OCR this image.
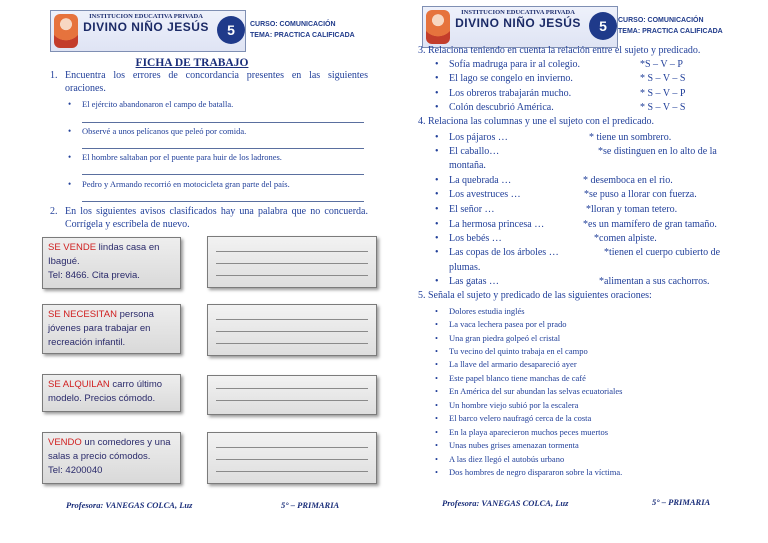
INSTITUCION EDUCATIVA PRIVADA
DIVINO NIÑO JESÚS
	5	CURSO: COMUNICACIÓN
TEMA: PRACTICA CALIFICADA
FICHA DE TRABAJO
1. Encuentra los errores de concordancia presentes en las siguientes oraciones.
• El ejército abandonaron el campo de batalla.
• Observé a unos pelícanos que peleó por comida.
• El hombre saltaban por el puente para huir de los ladrones.
• Pedro y Armando recorrió en motocicleta gran parte del país.
2. En los siguientes avisos clasificados hay una palabra que no concuerda. Corrígela y escríbela de nuevo.
SE VENDE lindas casa en Ibagué.
Tel: 8466. Cita previa.
SE NECESITAN persona jóvenes para trabajar en recreación infantil.
SE ALQUILAN carro último modelo. Precios cómodo.
VENDO un comedores y una salas a precio cómodos.
Tel: 4200040
Profesora: VANEGAS COLCA, Luz	5° – PRIMARIA
INSTITUCION EDUCATIVA PRIVADA
DIVINO NIÑO JESÚS
	5	CURSO: COMUNICACIÓN
TEMA: PRACTICA CALIFICADA
3. Relaciona teniendo en cuenta la relación entre el sujeto y predicado.
• Sofía madruga para ir al colegio.	*S – V – P
• El lago se congelo en invierno.	* S – V – S
• Los obreros trabajarán mucho.	* S – V – P
• Colón descubrió América.	* S – V – S
4. Relaciona las columnas y une el sujeto con el predicado.
• Los pájaros …	* tiene un sombrero.
• El caballo…	*se distinguen en lo alto de la
montaña.
• La quebrada …	* desemboca en el rio.
• Los avestruces …	*se puso a llorar con fuerza.
• El señor …	*lloran y toman tetero.
• La hermosa princesa …	*es un mamífero de gran tamaño.
• Los bebés …	*comen alpiste.
• Las copas de los árboles …	*tienen el cuerpo cubierto de
plumas.
• Las gatas …	*alimentan a sus cachorros.
5. Señala el sujeto y predicado de las siguientes oraciones:
• Dolores estudia inglés
• La vaca lechera pasea por el prado
• Una gran piedra golpeó el cristal
• Tu vecino del quinto trabaja en el campo
• La llave del armario desapareció ayer
• Este papel blanco tiene manchas de café
• En América del sur abundan las selvas ecuatoriales
• Un hombre viejo subió por la escalera
• El barco velero naufragó cerca de la costa
• En la playa aparecieron muchos peces muertos
• Unas nubes grises amenazan tormenta
• A las diez llegó el autobús urbano
• Dos hombres de negro dispararon sobre la víctima.
Profesora: VANEGAS COLCA, Luz	5° – PRIMARIA
